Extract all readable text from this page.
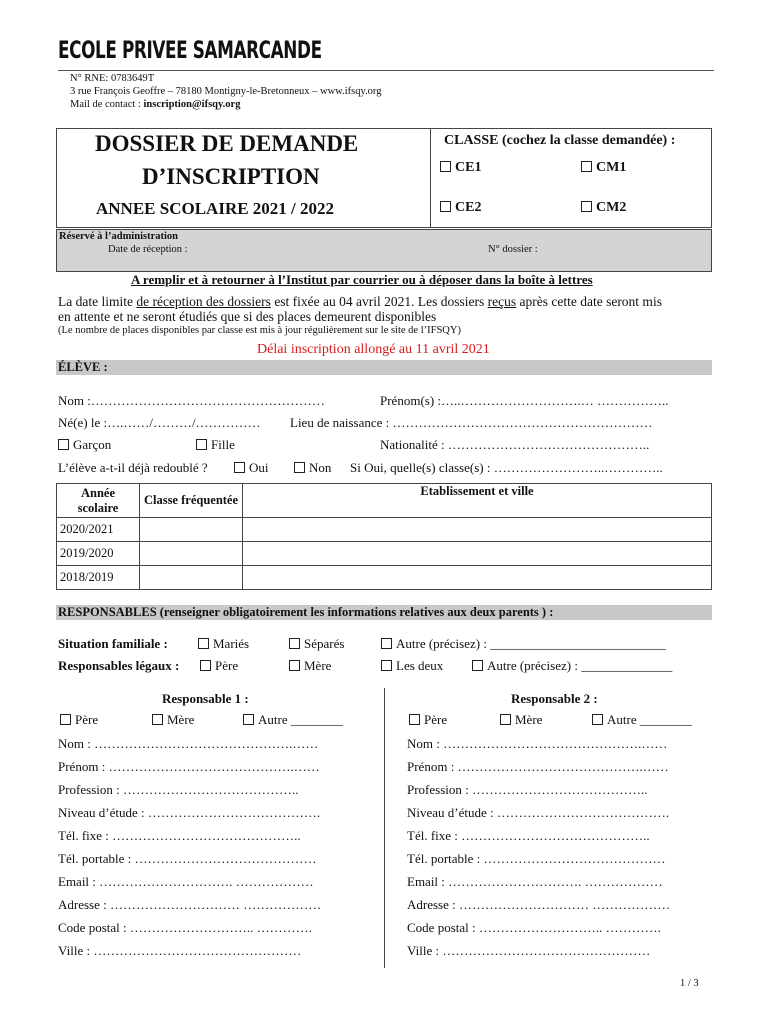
ECOLE PRIVEE SAMARCANDE
N° RNE: 0783649T
3 rue François Geoffre – 78180 Montigny-le-Bretonneux – www.ifsqy.org
Mail de contact : inscription@ifsqy.org
DOSSIER DE DEMANDE
D’INSCRIPTION
ANNEE SCOLAIRE 2021 / 2022
CLASSE (cochez la classe demandée) :
CE1	CM1
CE2	CM2
Réservé à l’administration
Date de réception :	N° dossier :
A remplir et à retourner à l’Institut par courrier ou à déposer dans la boîte à lettres
La date limite de réception des dossiers est fixée au 04 avril 2021. Les dossiers reçus après cette date seront mis
en attente et ne seront étudiés que si des places demeurent disponibles
(Le nombre de places disponibles par classe est mis à jour régulièrement sur le site de l’IFSQY)
Délai inscription allongé au 11 avril 2021
ÉLÈVE :
Nom :………………………………………………	Prénom(s) :…..……………………….… ……………..
Né(e) le :….……/………/…………… Lieu de naissance : ……………………………………………………
Garçon	Fille	Nationalité : ………………………………………..
L’élève a-t-il déjà redoublé ?	Oui	Non Si Oui, quelle(s) classe(s) : ……………………..…………..
Année scolaire	Classe fréquentée	Etablissement et ville
2020/2021		
2019/2020		
2018/2019		
RESPONSABLES (renseigner obligatoirement les informations relatives aux deux parents ) :
Situation familiale :	Mariés	Séparés	Autre (précisez) : ___________________________
Responsables légaux :	Père	Mère	Les deux	Autre (précisez) : ______________
Responsable 1 :
Père	Mère	Autre ________
Nom : ……………………………………….……
Prénom : …………………………………….……
Profession : …………………………………..
Niveau d’étude : ………………………………….
Tél. fixe : ……………………………………..
Tél. portable : ……………………………………
Email : …………………………. ………………
Adresse : ………………………… ………………
Code postal : ……………………….. ………….
Ville : …………………………………………
Responsable 2 :
Père	Mère	Autre ________
Nom : ……………………………………….……
Prénom : …………………………………….……
Profession : …………………………………..
Niveau d’étude : ………………………………….
Tél. fixe : ……………………………………..
Tél. portable : ……………………………………
Email : …………………………. ………………
Adresse : ………………………… ………………
Code postal : ……………………….. ………….
Ville : …………………………………………
1 / 3
